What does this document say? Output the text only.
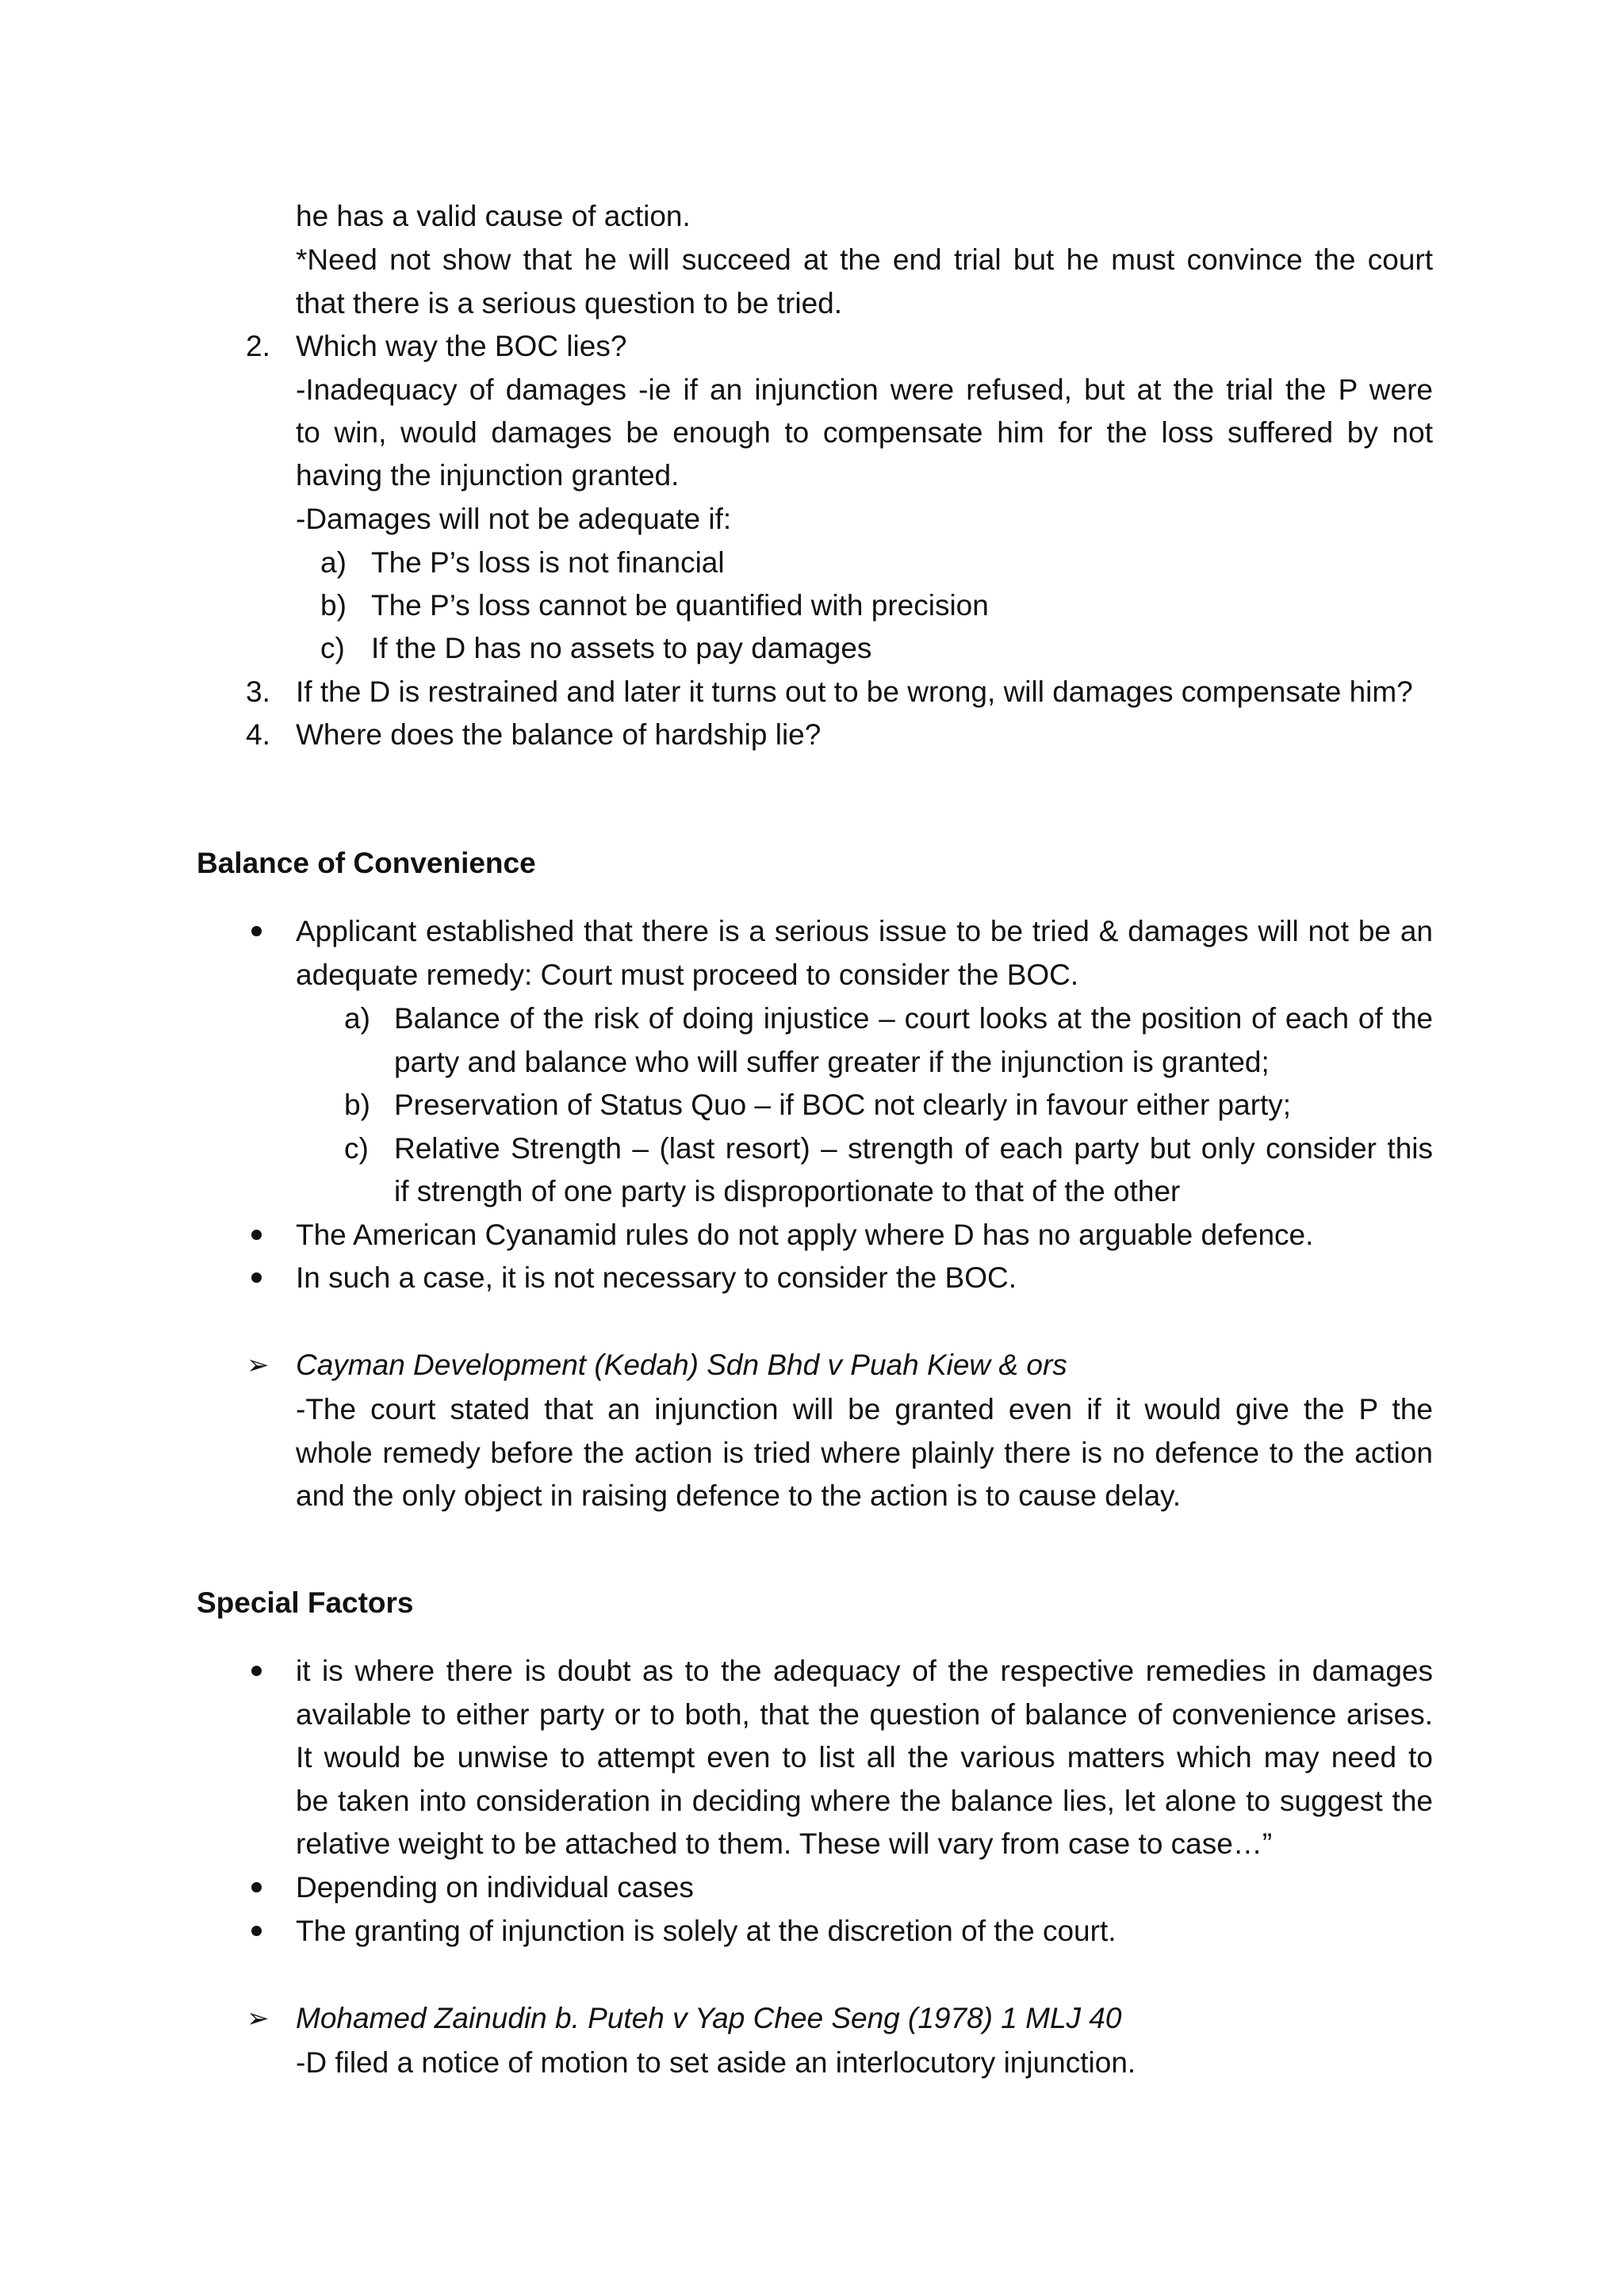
he has a valid cause of action.
*Need not show that he will succeed at the end trial but he must convince the court
that there is a serious question to be tried.
2. Which way the BOC lies?
-Inadequacy of damages -ie if an injunction were refused, but at the trial the P were
to win, would damages be enough to compensate him for the loss suffered by not
having the injunction granted.
-Damages will not be adequate if:
a) The P’s loss is not financial
b) The P’s loss cannot be quantified with precision
c) If the D has no assets to pay damages
3. If the D is restrained and later it turns out to be wrong, will damages compensate him?
4. Where does the balance of hardship lie?
Balance of Convenience
Applicant established that there is a serious issue to be tried & damages will not be an
adequate remedy: Court must proceed to consider the BOC.
a) Balance of the risk of doing injustice – court looks at the position of each of the
party and balance who will suffer greater if the injunction is granted;
b) Preservation of Status Quo – if BOC not clearly in favour either party;
c) Relative Strength – (last resort) – strength of each party but only consider this
if strength of one party is disproportionate to that of the other
The American Cyanamid rules do not apply where D has no arguable defence.
In such a case, it is not necessary to consider the BOC.
➢ Cayman Development (Kedah) Sdn Bhd v Puah Kiew & ors
-The court stated that an injunction will be granted even if it would give the P the
whole remedy before the action is tried where plainly there is no defence to the action
and the only object in raising defence to the action is to cause delay.
Special Factors
it is where there is doubt as to the adequacy of the respective remedies in damages
available to either party or to both, that the question of balance of convenience arises.
It would be unwise to attempt even to list all the various matters which may need to
be taken into consideration in deciding where the balance lies, let alone to suggest the
relative weight to be attached to them. These will vary from case to case…”
Depending on individual cases
The granting of injunction is solely at the discretion of the court.
➢ Mohamed Zainudin b. Puteh v Yap Chee Seng (1978) 1 MLJ 40
-D filed a notice of motion to set aside an interlocutory injunction.
